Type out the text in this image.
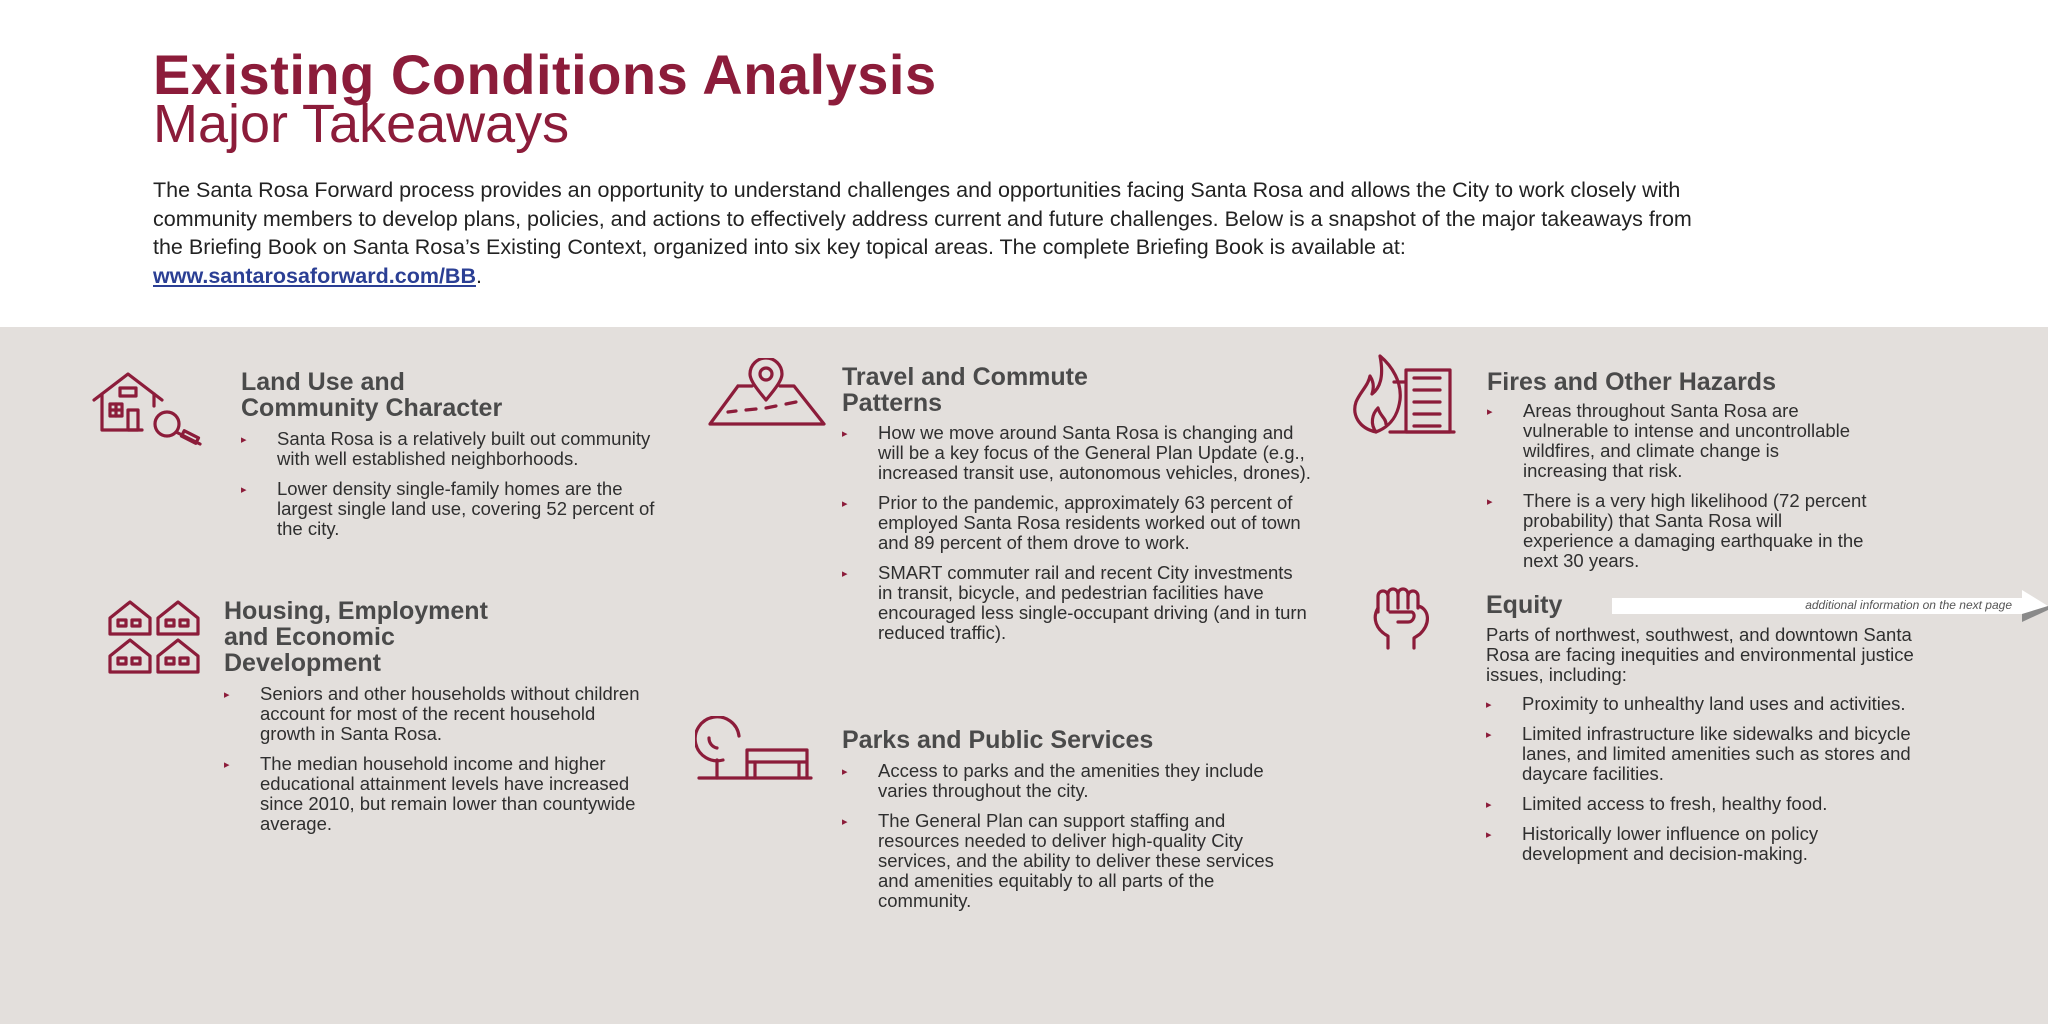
Existing Conditions Analysis
Major Takeaways

The Santa Rosa Forward process provides an opportunity to understand challenges and opportunities facing Santa Rosa and allows the City to work closely with community members to develop plans, policies, and actions to effectively address current and future challenges. Below is a snapshot of the major takeaways from the Briefing Book on Santa Rosa’s Existing Context, organized into six key topical areas. The complete Briefing Book is available at: www.santarosaforward.com/BB.

Land Use and
Community Character
▸ Santa Rosa is a relatively built out community with well established neighborhoods.
▸ Lower density single-family homes are the largest single land use, covering 52 percent of the city.
Housing, Employment
and Economic
Development
▸ Seniors and other households without children account for most of the recent household growth in Santa Rosa.
▸ The median household income and higher educational attainment levels have increased since 2010, but remain lower than countywide average.
Travel and Commute
Patterns
▸ How we move around Santa Rosa is changing and will be a key focus of the General Plan Update (e.g., increased transit use, autonomous vehicles, drones).
▸ Prior to the pandemic, approximately 63 percent of employed Santa Rosa residents worked out of town and 89 percent of them drove to work.
▸ SMART commuter rail and recent City investments in transit, bicycle, and pedestrian facilities have encouraged less single-occupant driving (and in turn reduced traffic).
Parks and Public Services
▸ Access to parks and the amenities they include varies throughout the city.
▸ The General Plan can support staffing and resources needed to deliver high-quality City services, and the ability to deliver these services and amenities equitably to all parts of the community.
Fires and Other Hazards
▸ Areas throughout Santa Rosa are vulnerable to intense and uncontrollable wildfires, and climate change is increasing that risk.
▸ There is a very high likelihood (72 percent probability) that Santa Rosa will experience a damaging earthquake in the next 30 years.
additional information on the next page
Equity

Parts of northwest, southwest, and downtown Santa Rosa are facing inequities and environmental justice issues, including:

▸ Proximity to unhealthy land uses and activities.
▸ Limited infrastructure like sidewalks and bicycle lanes, and limited amenities such as stores and daycare facilities.
▸ Limited access to fresh, healthy food.
▸ Historically lower influence on policy development and decision-making.
